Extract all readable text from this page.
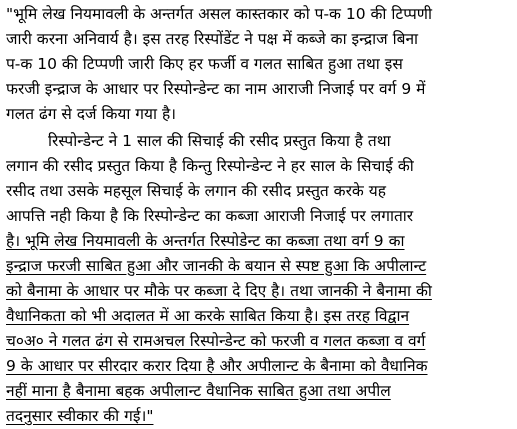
"भूमि लेख नियमावली के अन्तर्गत असल कास्तकार को प-क 10 की टिप्पणी
जारी करना अनिवार्य है। इस तरह रिस्पोंडेंट ने पक्ष में कब्जे का इन्द्राज बिना
प-क 10 की टिप्पणी जारी किए हर फर्जी व गलत साबित हुआ तथा इस
फरजी इन्द्राज के आधार पर रिस्पोन्डेन्ट का नाम आराजी निजाई पर वर्ग 9 में
गलत ढंग से दर्ज किया गया है।

रिस्पोन्डेन्ट ने 1 साल की सिचाई की रसीद प्रस्तुत किया है तथा
लगान की रसीद प्रस्तुत किया है किन्तु रिस्पोन्डेन्ट ने हर साल के सिचाई की
रसीद तथा उसके महसूल सिचाई के लगान की रसीद प्रस्तुत करके यह
आपत्ति नही किया है कि रिस्पोन्डेन्ट का कब्जा आराजी निजाई पर लगातार
है। भूमि लेख नियमावली के अन्तर्गत रिस्पोडेन्ट का कब्जा तथा वर्ग 9 का

इन्द्राज फरजी साबित हुआ और जानकी के बयान से स्पष्ट हुआ कि अपीलान्ट
को बैनामा के आधार पर मौके पर कब्जा दे दिए है। तथा जानकी ने बैनामा की
वैधानिकता को भी अदालत में आ करके साबित किया है। इस तरह विद्वान
च०अ० ने गलत ढंग से रामअचल रिस्पोन्डेन्ट को फरजी व गलत कब्जा व वर्ग
9 के आधार पर सीरदार करार दिया है और अपीलान्ट के बैनामा को वैधानिक
नहीं माना है बैनामा बहक अपीलान्ट वैधानिक साबित हुआ तथा अपील
तदनुसार स्वीकार की गई।"
